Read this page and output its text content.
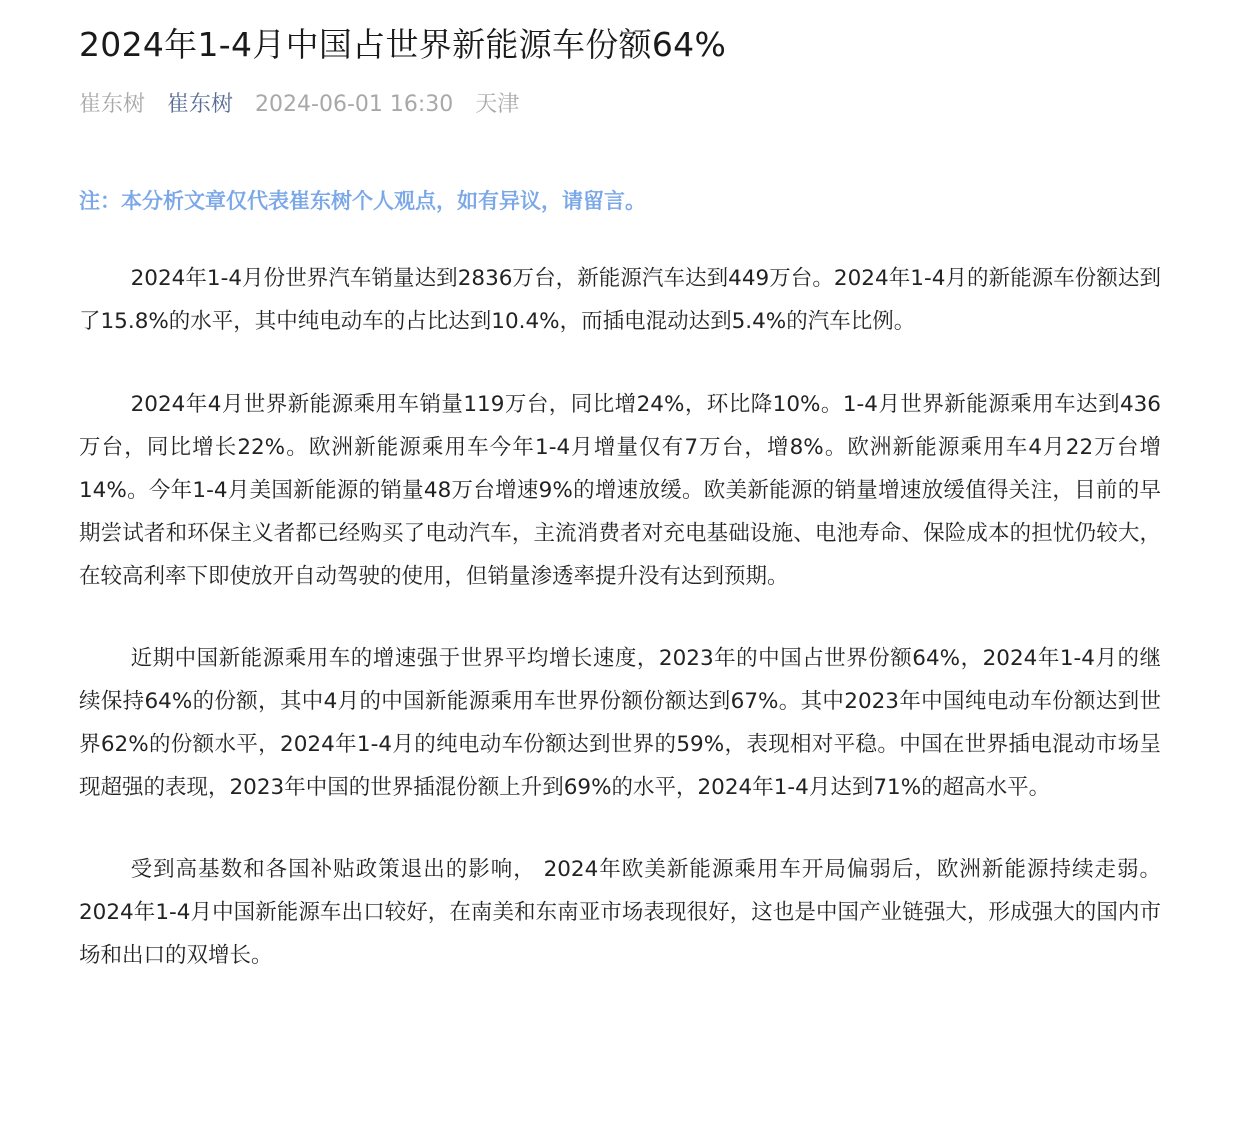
2024年1-4月中国占世界新能源车份额64%
崔东树 崔东树 2024-06-01 16:30 天津
注：本分析文章仅代表崔东树个人观点，如有异议，请留言。

2024年1-4月份世界汽车销量达到2836万台，新能源汽车达到449万台。2024年1-4月的新能源车份额达到了15.8%的水平，其中纯电动车的占比达到10.4%，而插电混动达到5.4%的汽车比例。

2024年4月世界新能源乘用车销量119万台，同比增24%，环比降10%。1-4月世界新能源乘用车达到436万台，同比增长22%。欧洲新能源乘用车今年1-4月增量仅有7万台，增8%。欧洲新能源乘用车4月22万台增14%。今年1-4月美国新能源的销量48万台增速9%的增速放缓。欧美新能源的销量增速放缓值得关注，目前的早期尝试者和环保主义者都已经购买了电动汽车，主流消费者对充电基础设施、电池寿命、保险成本的担忧仍较大，在较高利率下即使放开自动驾驶的使用，但销量渗透率提升没有达到预期。

近期中国新能源乘用车的增速强于世界平均增长速度，2023年的中国占世界份额64%，2024年1-4月的继续保持64%的份额，其中4月的中国新能源乘用车世界份额份额达到67%。其中2023年中国纯电动车份额达到世界62%的份额水平，2024年1-4月的纯电动车份额达到世界的59%，表现相对平稳。中国在世界插电混动市场呈现超强的表现，2023年中国的世界插混份额上升到69%的水平，2024年1-4月达到71%的超高水平。

受到高基数和各国补贴政策退出的影响， 2024年欧美新能源乘用车开局偏弱后，欧洲新能源持续走弱。2024年1-4月中国新能源车出口较好，在南美和东南亚市场表现很好，这也是中国产业链强大，形成强大的国内市场和出口的双增长。
